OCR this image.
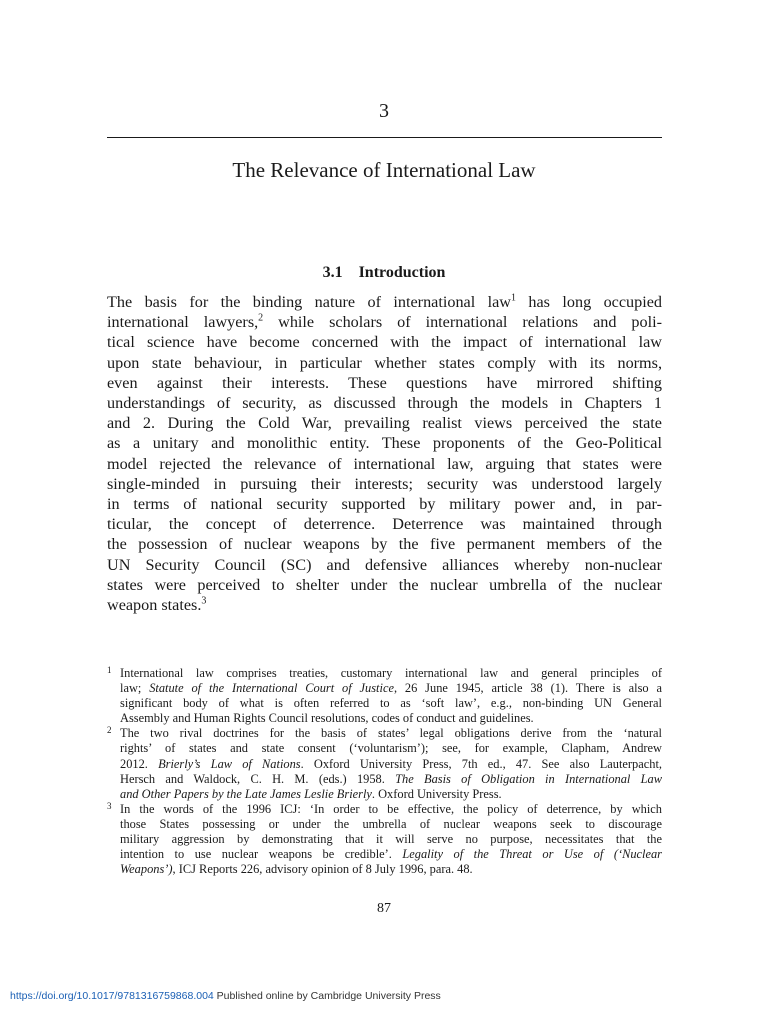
3
The Relevance of International Law
3.1 Introduction
The basis for the binding nature of international law$^1$ has long occupied
international lawyers,$^2$ while scholars of international relations and poli-
tical science have become concerned with the impact of international law
upon state behaviour, in particular whether states comply with its norms,
even against their interests. These questions have mirrored shifting
understandings of security, as discussed through the models in Chapters 1
and 2. During the Cold War, prevailing realist views perceived the state
as a unitary and monolithic entity. These proponents of the Geo-Political
model rejected the relevance of international law, arguing that states were
single-minded in pursuing their interests; security was understood largely
in terms of national security supported by military power and, in par-
ticular, the concept of deterrence. Deterrence was maintained through
the possession of nuclear weapons by the five permanent members of the
UN Security Council (SC) and defensive alliances whereby non-nuclear
states were perceived to shelter under the nuclear umbrella of the nuclear
weapon states.$^3$
1 International law comprises treaties, customary international law and general principles of
law; Statute of the International Court of Justice, 26 June 1945, article 38 (1). There is also a
significant body of what is often referred to as ‘soft law’, e.g., non-binding UN General
Assembly and Human Rights Council resolutions, codes of conduct and guidelines.
2 The two rival doctrines for the basis of states’ legal obligations derive from the ‘natural
rights’ of states and state consent (‘voluntarism’); see, for example, Clapham, Andrew
2012. Brierly’s Law of Nations. Oxford University Press, 7th ed., 47. See also Lauterpacht,
Hersch and Waldock, C. H. M. (eds.) 1958. The Basis of Obligation in International Law
and Other Papers by the Late James Leslie Brierly. Oxford University Press.
3 In the words of the 1996 ICJ: ‘In order to be effective, the policy of deterrence, by which
those States possessing or under the umbrella of nuclear weapons seek to discourage
military aggression by demonstrating that it will serve no purpose, necessitates that the
intention to use nuclear weapons be credible’. Legality of the Threat or Use of (‘Nuclear
Weapons’), ICJ Reports 226, advisory opinion of 8 July 1996, para. 48.
87
https://doi.org/10.1017/9781316759868.004 Published online by Cambridge University Press
